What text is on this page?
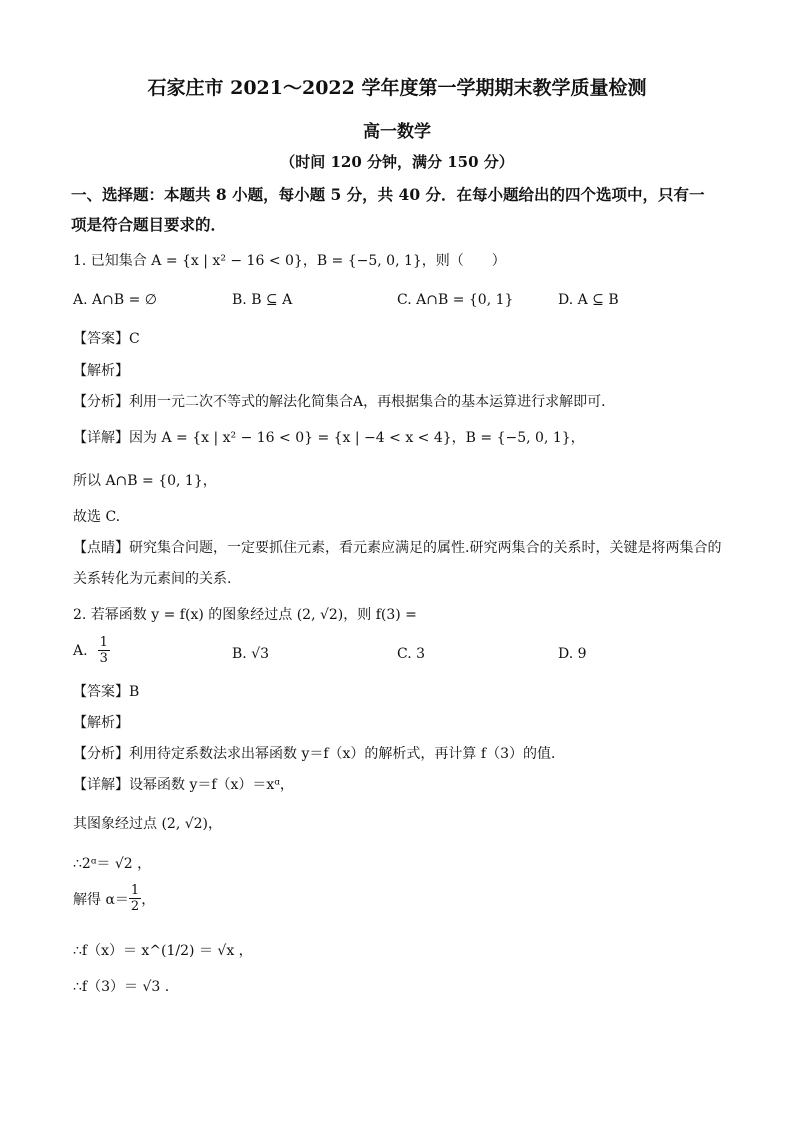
石家庄市 2021～2022 学年度第一学期期末教学质量检测
高一数学
（时间 120 分钟，满分 150 分）
一、选择题：本题共 8 小题，每小题 5 分，共 40 分．在每小题给出的四个选项中，只有一
项是符合题目要求的．
1. 已知集合 A = {x | x² − 16 < 0}，B = {−5, 0, 1}，则（　　）
A. A∩B = ∅	B. B ⊆ A	C. A∩B = {0, 1}	D. A ⊆ B
【答案】C
【解析】
【分析】利用一元二次不等式的解法化简集合A，再根据集合的基本运算进行求解即可．
【详解】因为 A = {x | x² − 16 < 0} = {x | −4 < x < 4}，B = {−5, 0, 1}，
所以 A∩B = {0, 1}，
故选 C.
【点睛】研究集合问题，一定要抓住元素，看元素应满足的属性.研究两集合的关系时，关键是将两集合的
关系转化为元素间的关系.
2. 若幂函数 y = f(x) 的图象经过点 (2, √2)，则 f(3) =
A. $\frac{1}{3}$	B. √3	C. 3	D. 9
【答案】B
【解析】
【分析】利用待定系数法求出幂函数 y＝f（x）的解析式，再计算 f（3）的值．
【详解】设幂函数 y＝f（x）＝xᵅ，
其图象经过点 (2, √2)，
∴2ᵅ＝ √2 ，
解得 $\alpha= \frac{1}{2}$ ，
∴f（x）＝ x^(1/2) ＝ √x ，
∴f（3）＝ √3 .
